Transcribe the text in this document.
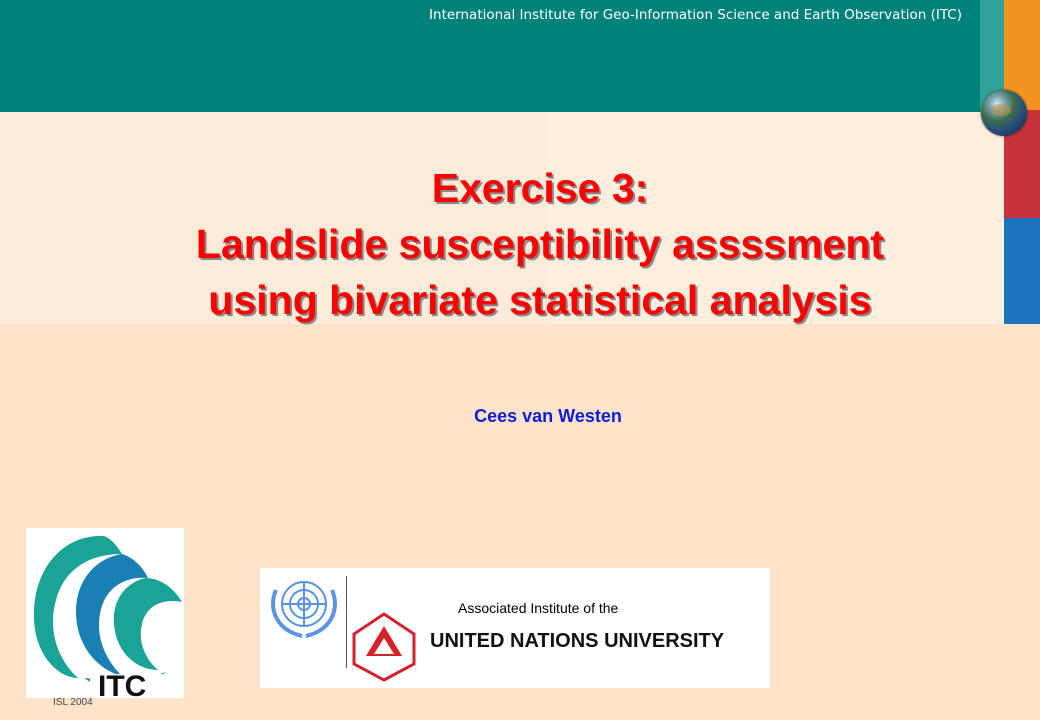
International Institute for Geo-Information Science and Earth Observation (ITC)
Exercise 3:
Landslide susceptibility assssment
using bivariate statistical analysis
Cees van Westen
ITC
ISL 2004
Associated Institute of the
UNITED NATIONS UNIVERSITY
